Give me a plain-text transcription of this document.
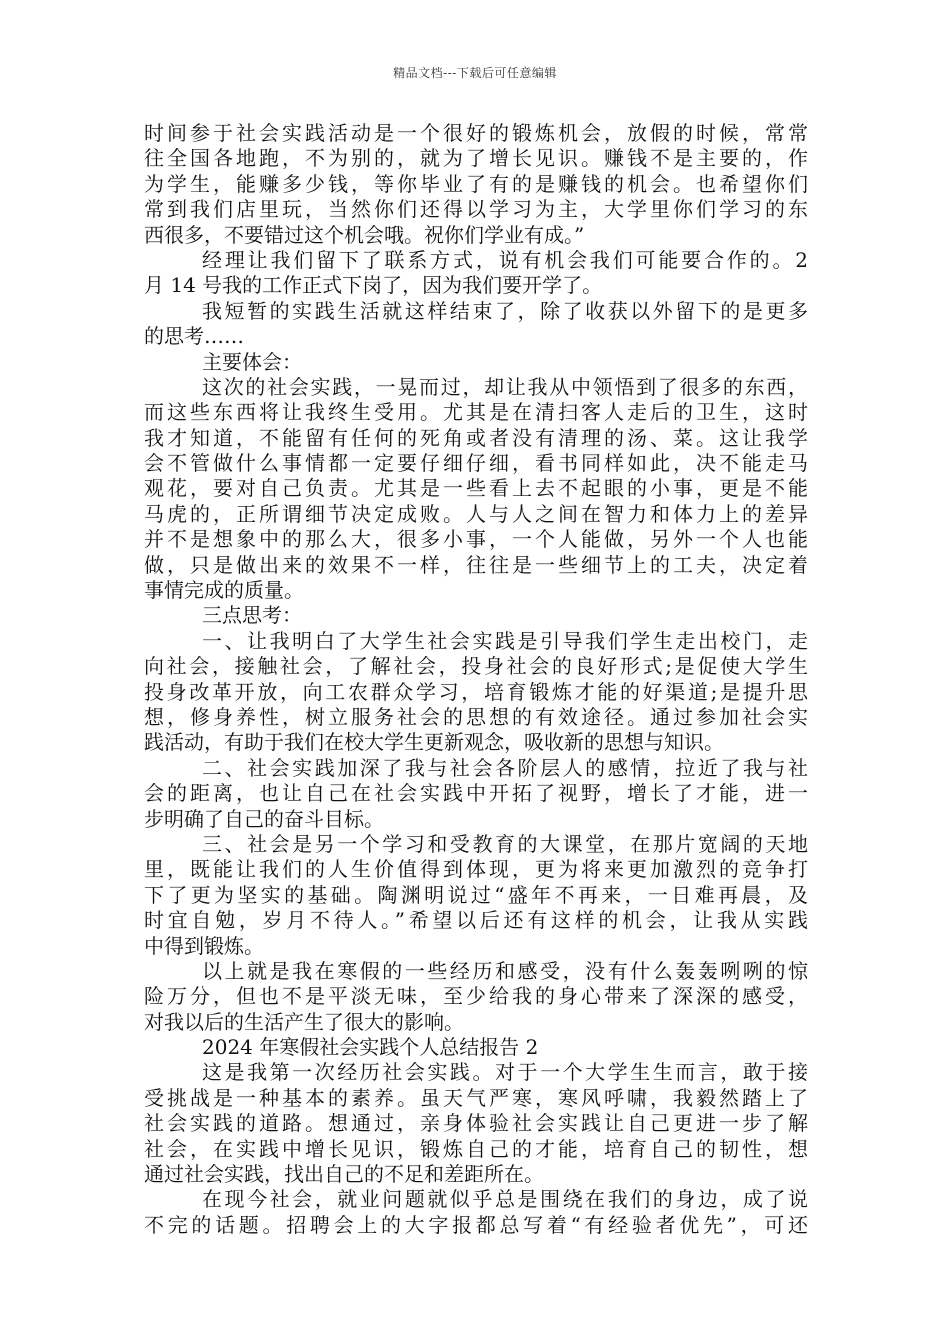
精品文档---下载后可任意编辑
时间参于社会实践活动是一个很好的锻炼机会，放假的时候，常常
往全国各地跑，不为别的，就为了增长见识。赚钱不是主要的，作
为学生，能赚多少钱，等你毕业了有的是赚钱的机会。也希望你们
常到我们店里玩，当然你们还得以学习为主，大学里你们学习的东
西很多，不要错过这个机会哦。祝你们学业有成。”
经理让我们留下了联系方式，说有机会我们可能要合作的。2
月 14 号我的工作正式下岗了，因为我们要开学了。
我短暂的实践生活就这样结束了，除了收获以外留下的是更多
的思考……
主要体会：
这次的社会实践，一晃而过，却让我从中领悟到了很多的东西，
而这些东西将让我终生受用。尤其是在清扫客人走后的卫生，这时
我才知道，不能留有任何的死角或者没有清理的汤、菜。这让我学
会不管做什么事情都一定要仔细仔细，看书同样如此，决不能走马
观花，要对自己负责。尤其是一些看上去不起眼的小事，更是不能
马虎的，正所谓细节决定成败。人与人之间在智力和体力上的差异
并不是想象中的那么大，很多小事，一个人能做，另外一个人也能
做，只是做出来的效果不一样，往往是一些细节上的工夫，决定着
事情完成的质量。
三点思考：
一、让我明白了大学生社会实践是引导我们学生走出校门，走
向社会，接触社会，了解社会，投身社会的良好形式;是促使大学生
投身改革开放，向工农群众学习，培育锻炼才能的好渠道;是提升思
想，修身养性，树立服务社会的思想的有效途径。通过参加社会实
践活动，有助于我们在校大学生更新观念，吸收新的思想与知识。
二、社会实践加深了我与社会各阶层人的感情，拉近了我与社
会的距离，也让自己在社会实践中开拓了视野，增长了才能，进一
步明确了自己的奋斗目标。
三、社会是另一个学习和受教育的大课堂，在那片宽阔的天地
里，既能让我们的人生价值得到体现，更为将来更加激烈的竞争打
下了更为坚实的基础。陶渊明说过“盛年不再来，一日难再晨，及
时宜自勉，岁月不待人。”希望以后还有这样的机会，让我从实践
中得到锻炼。
以上就是我在寒假的一些经历和感受，没有什么轰轰咧咧的惊
险万分，但也不是平淡无味，至少给我的身心带来了深深的感受，
对我以后的生活产生了很大的影响。
2024 年寒假社会实践个人总结报告 2
这是我第一次经历社会实践。对于一个大学生生而言，敢于接
受挑战是一种基本的素养。虽天气严寒，寒风呼啸，我毅然踏上了
社会实践的道路。想通过，亲身体验社会实践让自己更进一步了解
社会，在实践中增长见识，锻炼自己的才能，培育自己的韧性，想
通过社会实践，找出自己的不足和差距所在。
在现今社会，就业问题就似乎总是围绕在我们的身边，成了说
不完的话题。招聘会上的大字报都总写着“有经验者优先”，可还
